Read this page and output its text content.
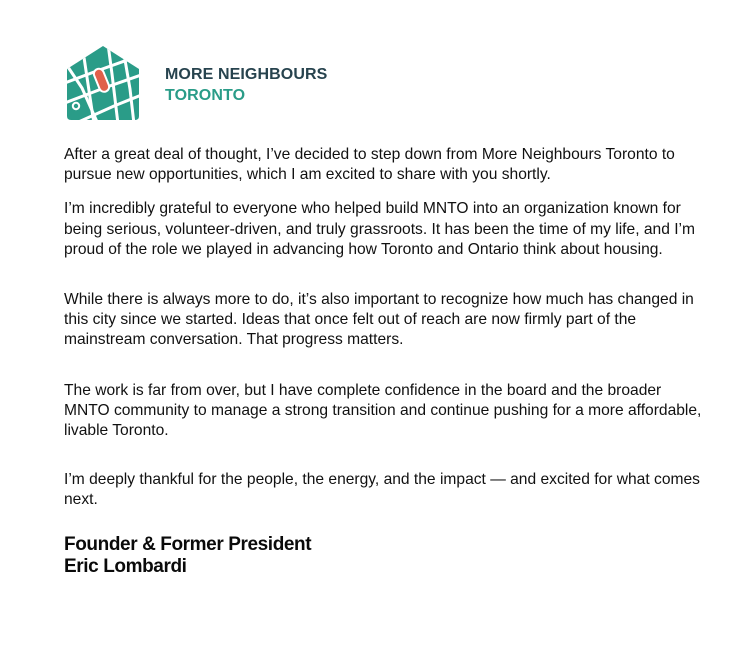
MORE NEIGHBOURS
TORONTO

After a great deal of thought, I’ve decided to step down from More Neighbours Toronto to pursue new opportunities, which I am excited to share with you shortly.

I’m incredibly grateful to everyone who helped build MNTO into an organization known for being serious, volunteer-driven, and truly grassroots. It has been the time of my life, and I’m proud of the role we played in advancing how Toronto and Ontario think about housing.

While there is always more to do, it’s also important to recognize how much has changed in this city since we started. Ideas that once felt out of reach are now firmly part of the mainstream conversation. That progress matters.

The work is far from over, but I have complete confidence in the board and the broader MNTO community to manage a strong transition and continue pushing for a more affordable, livable Toronto.

I’m deeply thankful for the people, the energy, and the impact — and excited for what comes next.

Founder & Former President
Eric Lombardi
